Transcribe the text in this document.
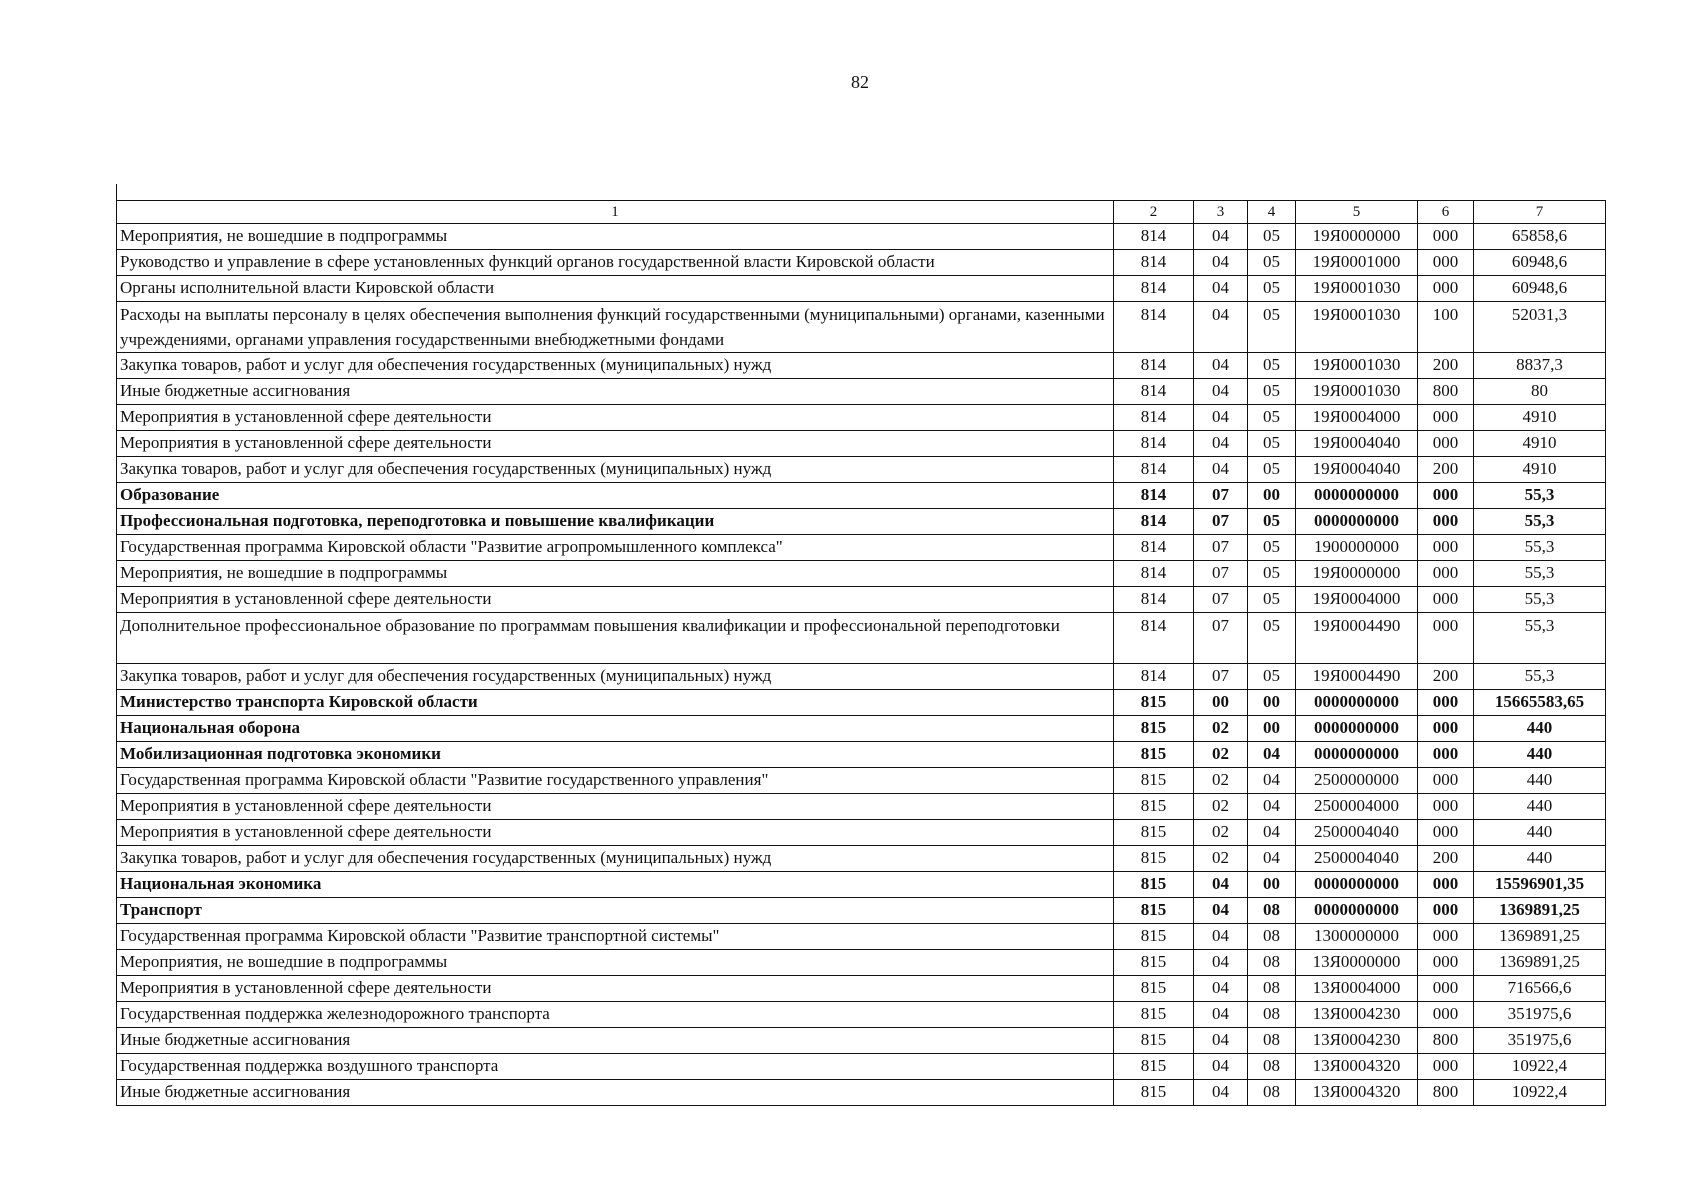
82
1	2	3	4	5	6	7
Мероприятия, не вошедшие в подпрограммы	814	04	05	19Я0000000	000	65858,6
Руководство и управление в сфере установленных функций органов государственной власти Кировской области	814	04	05	19Я0001000	000	60948,6
Органы исполнительной власти Кировской области	814	04	05	19Я0001030	000	60948,6
Расходы на выплаты персоналу в целях обеспечения выполнения функций государственными (муниципальными) органами, казенными учреждениями, органами управления государственными внебюджетными фондами	814	04	05	19Я0001030	100	52031,3
Закупка товаров, работ и услуг для обеспечения государственных (муниципальных) нужд	814	04	05	19Я0001030	200	8837,3
Иные бюджетные ассигнования	814	04	05	19Я0001030	800	80
Мероприятия в установленной сфере деятельности	814	04	05	19Я0004000	000	4910
Мероприятия в установленной сфере деятельности	814	04	05	19Я0004040	000	4910
Закупка товаров, работ и услуг для обеспечения государственных (муниципальных) нужд	814	04	05	19Я0004040	200	4910
Образование	814	07	00	0000000000	000	55,3
Профессиональная подготовка, переподготовка и повышение квалификации	814	07	05	0000000000	000	55,3
Государственная программа Кировской области "Развитие агропромышленного комплекса"	814	07	05	1900000000	000	55,3
Мероприятия, не вошедшие в подпрограммы	814	07	05	19Я0000000	000	55,3
Мероприятия в установленной сфере деятельности	814	07	05	19Я0004000	000	55,3
Дополнительное профессиональное образование по программам повышения квалификации и профессиональной переподготовки	814	07	05	19Я0004490	000	55,3
Закупка товаров, работ и услуг для обеспечения государственных (муниципальных) нужд	814	07	05	19Я0004490	200	55,3
Министерство транспорта Кировской области	815	00	00	0000000000	000	15665583,65
Национальная оборона	815	02	00	0000000000	000	440
Мобилизационная подготовка экономики	815	02	04	0000000000	000	440
Государственная программа Кировской области "Развитие государственного управления"	815	02	04	2500000000	000	440
Мероприятия в установленной сфере деятельности	815	02	04	2500004000	000	440
Мероприятия в установленной сфере деятельности	815	02	04	2500004040	000	440
Закупка товаров, работ и услуг для обеспечения государственных (муниципальных) нужд	815	02	04	2500004040	200	440
Национальная экономика	815	04	00	0000000000	000	15596901,35
Транспорт	815	04	08	0000000000	000	1369891,25
Государственная программа Кировской области "Развитие транспортной системы"	815	04	08	1300000000	000	1369891,25
Мероприятия, не вошедшие в подпрограммы	815	04	08	13Я0000000	000	1369891,25
Мероприятия в установленной сфере деятельности	815	04	08	13Я0004000	000	716566,6
Государственная поддержка железнодорожного транспорта	815	04	08	13Я0004230	000	351975,6
Иные бюджетные ассигнования	815	04	08	13Я0004230	800	351975,6
Государственная поддержка воздушного транспорта	815	04	08	13Я0004320	000	10922,4
Иные бюджетные ассигнования	815	04	08	13Я0004320	800	10922,4
